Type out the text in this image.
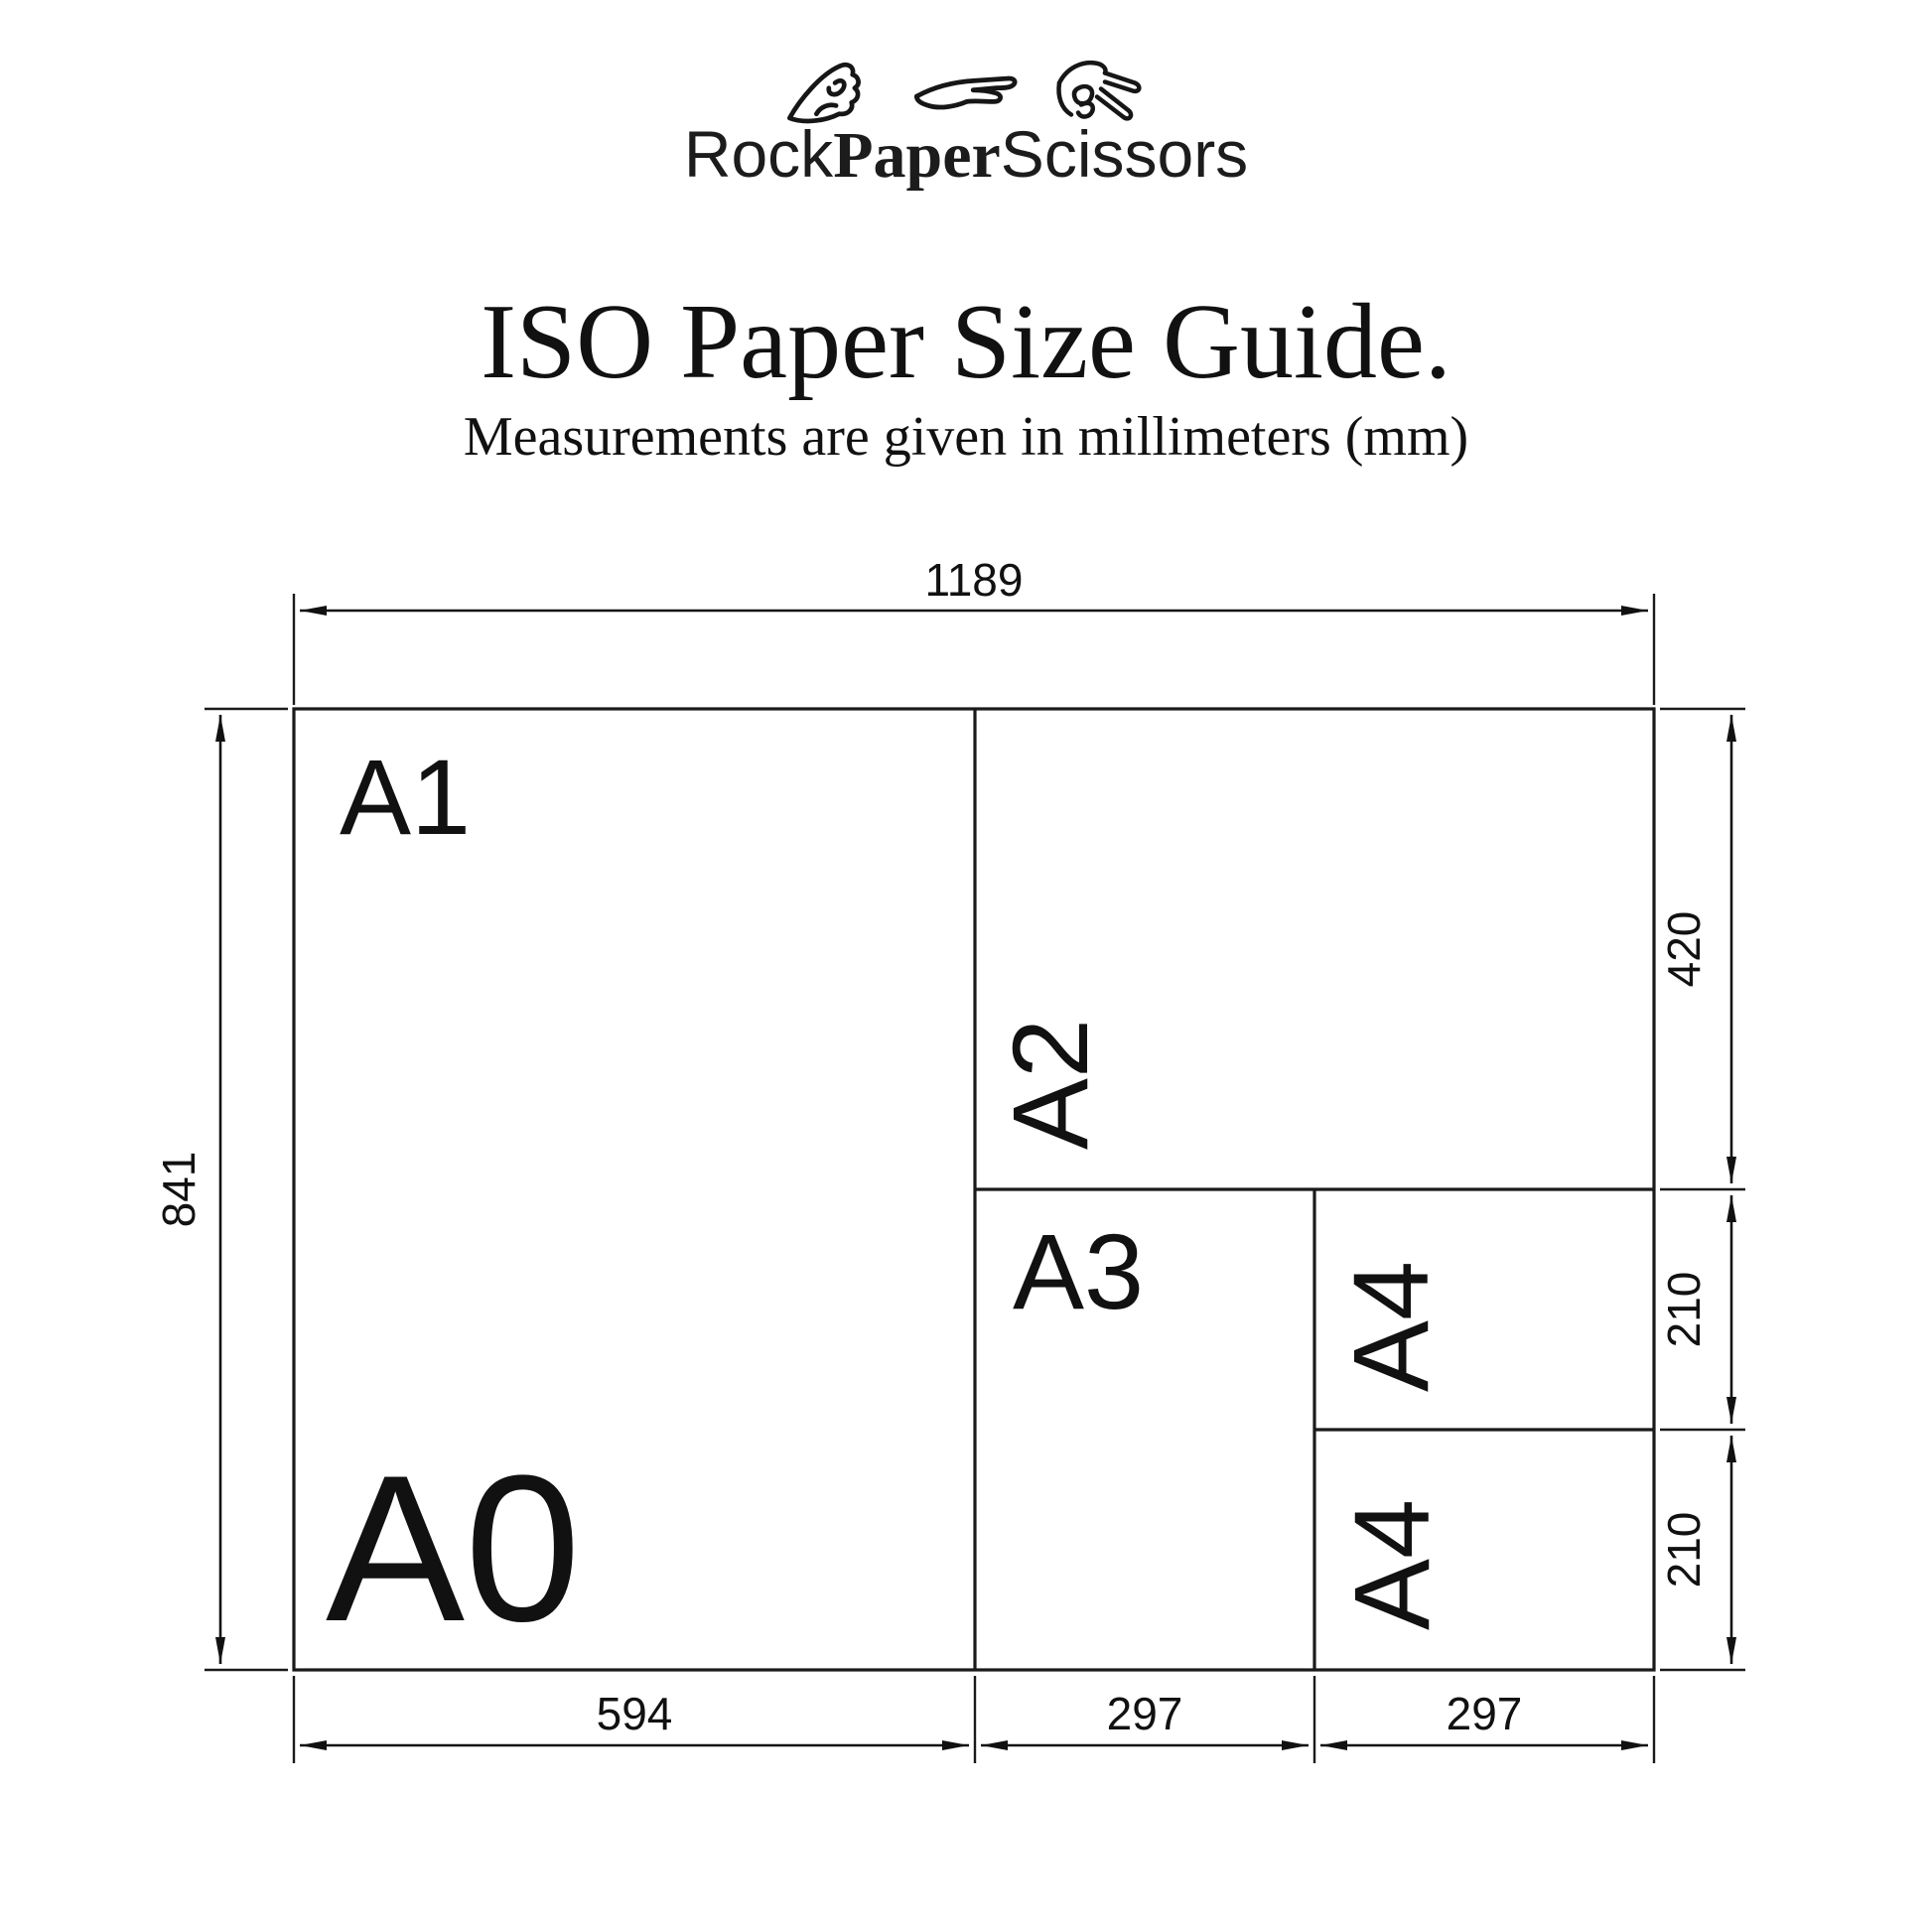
RockPaperScissors
ISO Paper Size Guide.
Measurements are given in millimeters (mm)
1189
841
420
210
210
594	297	297
A1
A0
A2
A3 A4
A4
